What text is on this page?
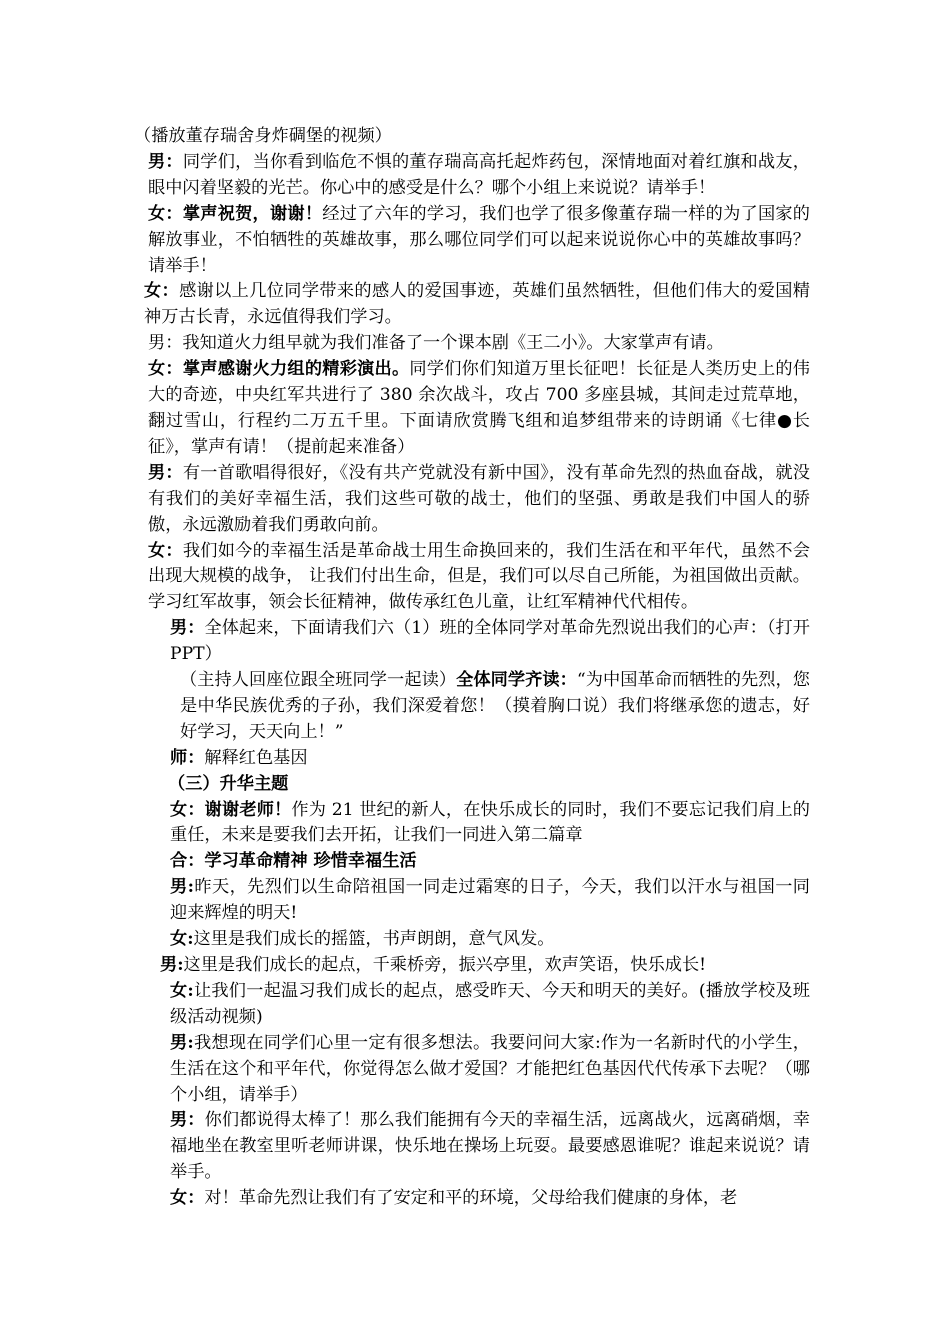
（播放董存瑞舍身炸碉堡的视频）

男：同学们，当你看到临危不惧的董存瑞高高托起炸药包，深情地面对着红旗和战友，眼中闪着坚毅的光芒。你心中的感受是什么？哪个小组上来说说？请举手！

女：掌声祝贺，谢谢！经过了六年的学习，我们也学了很多像董存瑞一样的为了国家的解放事业，不怕牺牲的英雄故事，那么哪位同学们可以起来说说你心中的英雄故事吗？请举手！

女：感谢以上几位同学带来的感人的爱国事迹，英雄们虽然牺牲，但他们伟大的爱国精神万古长青，永远值得我们学习。

男：我知道火力组早就为我们准备了一个课本剧《王二小》。大家掌声有请。

女：掌声感谢火力组的精彩演出。同学们你们知道万里长征吧！长征是人类历史上的伟大的奇迹，中央红军共进行了 380 余次战斗，攻占 700 多座县城，其间走过荒草地，翻过雪山，行程约二万五千里。下面请欣赏腾飞组和追梦组带来的诗朗诵《七律●长征》，掌声有请！（提前起来准备）

男：有一首歌唱得很好，《没有共产党就没有新中国》，没有革命先烈的热血奋战，就没有我们的美好幸福生活，我们这些可敬的战士，他们的坚强、勇敢是我们中国人的骄傲，永远激励着我们勇敢向前。

女：我们如今的幸福生活是革命战士用生命换回来的，我们生活在和平年代，虽然不会出现大规模的战争， 让我们付出生命，但是，我们可以尽自己所能，为祖国做出贡献。学习红军故事，领会长征精神，做传承红色儿童，让红军精神代代相传。

男：全体起来，下面请我们六（1）班的全体同学对革命先烈说出我们的心声：（打开 PPT）

（主持人回座位跟全班同学一起读）全体同学齐读：“为中国革命而牺牲的先烈，您是中华民族优秀的子孙，我们深爱着您！（摸着胸口说）我们将继承您的遗志，好好学习，天天向上！”

师：解释红色基因

（三）升华主题

女：谢谢老师！作为 21 世纪的新人，在快乐成长的同时，我们不要忘记我们肩上的重任，未来是要我们去开拓，让我们一同进入第二篇章

合：学习革命精神 珍惜幸福生活

男:昨天，先烈们以生命陪祖国一同走过霜寒的日子，今天，我们以汗水与祖国一同迎来辉煌的明天!

女:这里是我们成长的摇篮，书声朗朗，意气风发。

男:这里是我们成长的起点，千乘桥旁，振兴亭里，欢声笑语，快乐成长!

女:让我们一起温习我们成长的起点，感受昨天、今天和明天的美好。(播放学校及班级活动视频)

男:我想现在同学们心里一定有很多想法。我要问问大家:作为一名新时代的小学生，生活在这个和平年代，你觉得怎么做才爱国？才能把红色基因代代传承下去呢？（哪个小组，请举手）

男：你们都说得太棒了！那么我们能拥有今天的幸福生活，远离战火，远离硝烟，幸福地坐在教室里听老师讲课，快乐地在操场上玩耍。最要感恩谁呢？谁起来说说？请举手。

女：对！革命先烈让我们有了安定和平的环境，父母给我们健康的身体，老
